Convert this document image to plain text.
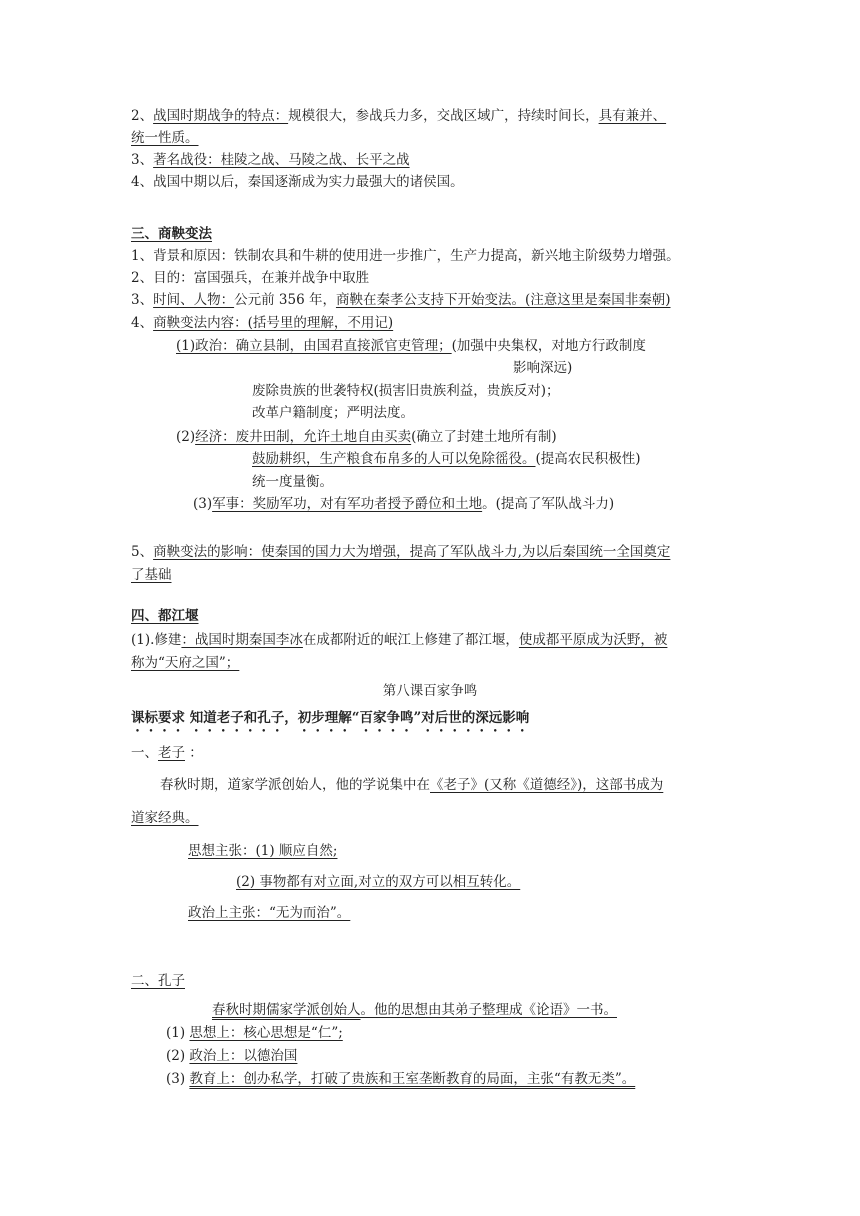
2、战国时期战争的特点：规模很大，参战兵力多，交战区域广，持续时间长，具有兼并、
统一性质。
3、著名战役：桂陵之战、马陵之战、长平之战
4、战国中期以后，秦国逐渐成为实力最强大的诸侯国。
三、商鞅变法
1、背景和原因：铁制农具和牛耕的使用进一步推广，生产力提高，新兴地主阶级势力增强。
2、目的：富国强兵，在兼并战争中取胜
3、时间、人物：公元前 356 年，商鞅在秦孝公支持下开始变法。(注意这里是秦国非秦朝)
4、商鞅变法内容：(括号里的理解，不用记)
(1)政治：确立县制，由国君直接派官吏管理；(加强中央集权，对地方行政制度
影响深远)
废除贵族的世袭特权(损害旧贵族利益，贵族反对)；
改革户籍制度；严明法度。
(2)经济：废井田制，允许土地自由买卖(确立了封建土地所有制)
鼓励耕织，生产粮食布帛多的人可以免除徭役。(提高农民积极性)
统一度量衡。
(3)军事：奖励军功，对有军功者授予爵位和土地。(提高了军队战斗力)
5、商鞅变法的影响：使秦国的国力大为增强，提高了军队战斗力,为以后秦国统一全国奠定
了基础
四、都江堰
(1).修建：战国时期秦国李冰在成都附近的岷江上修建了都江堰，使成都平原成为沃野，被
称为“天府之国”；
第八课百家争鸣
课标要求 知道老子和孔子，初步理解“百家争鸣”对后世的深远影响
一、老子 ：
春秋时期，道家学派创始人，他的学说集中在《老子》(又称《道德经》)，这部书成为
道家经典。
思想主张：(1) 顺应自然;
(2) 事物都有对立面,对立的双方可以相互转化。
政治上主张：“无为而治”。
二、孔子
春秋时期儒家学派创始人。他的思想由其弟子整理成《论语》一书。
(1) 思想上：核心思想是“仁”;
(2) 政治上：以德治国
(3) 教育上：创办私学，打破了贵族和王室垄断教育的局面，主张“有教无类”。
